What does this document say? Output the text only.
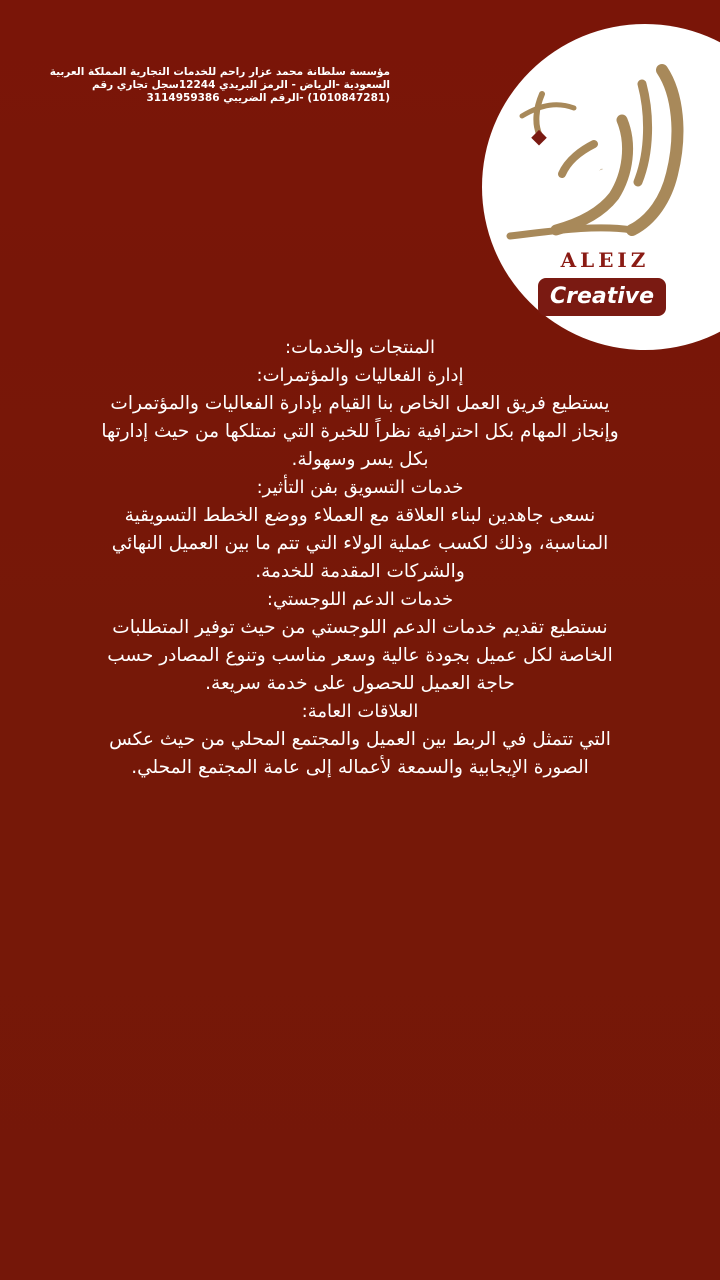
مؤسسة سلطانة محمد عزار راحم للخدمات التجارية المملكة العربية
السعودية -الرياض - الرمز البريدي 12244سجل تجاري رقم
(1010847281) -الرقم الضريبي 3114959386
العز
ALEIZ
Creative
المنتجات والخدمات:
إدارة الفعاليات والمؤتمرات:
يستطيع فريق العمل الخاص بنا القيام بإدارة الفعاليات والمؤتمرات
وإنجاز المهام بكل احترافية نظراً للخبرة التي نمتلكها من حيث إدارتها
بكل يسر وسهولة.
خدمات التسويق بفن التأثير:
نسعى جاهدين لبناء العلاقة مع العملاء ووضع الخطط التسويقية
المناسبة، وذلك لكسب عملية الولاء التي تتم ما بين العميل النهائي
والشركات المقدمة للخدمة.
خدمات الدعم اللوجستي:
نستطيع تقديم خدمات الدعم اللوجستي من حيث توفير المتطلبات
الخاصة لكل عميل بجودة عالية وسعر مناسب وتنوع المصادر حسب
حاجة العميل للحصول على خدمة سريعة.
العلاقات العامة:
التي تتمثل في الربط بين العميل والمجتمع المحلي من حيث عكس
الصورة الإيجابية والسمعة لأعماله إلى عامة المجتمع المحلي.
